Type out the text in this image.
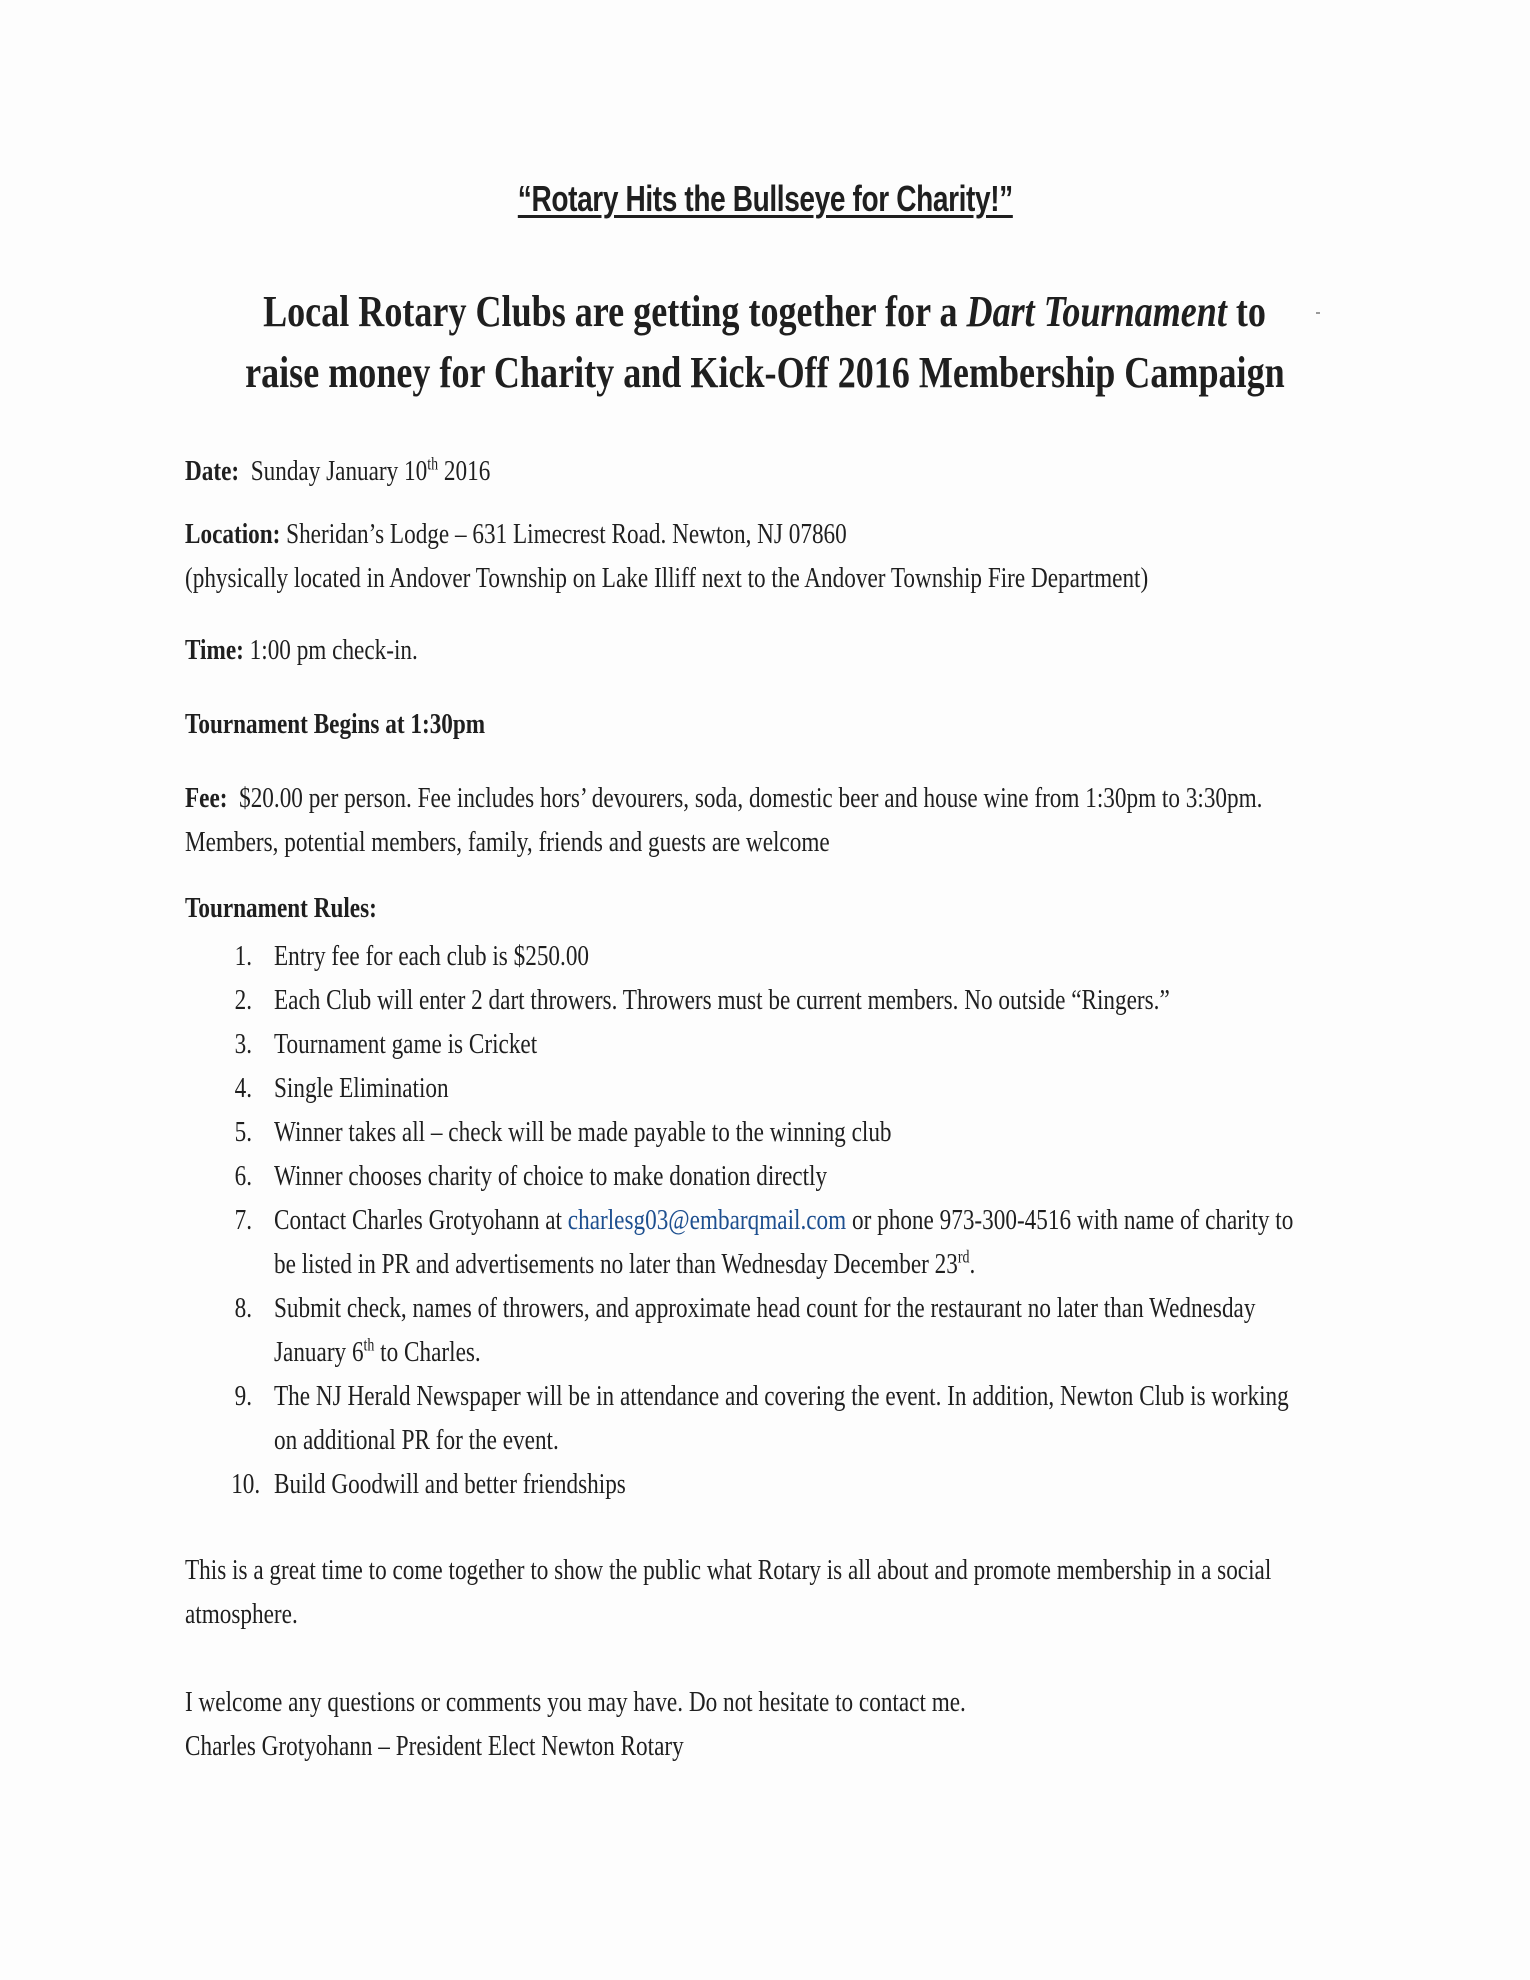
“Rotary Hits the Bullseye for Charity!”
Local Rotary Clubs are getting together for a Dart Tournament to
raise money for Charity and Kick-Off 2016 Membership Campaign
Date: Sunday January 10th 2016
Location: Sheridan’s Lodge – 631 Limecrest Road. Newton, NJ 07860
(physically located in Andover Township on Lake Illiff next to the Andover Township Fire Department)
Time: 1:00 pm check-in.
Tournament Begins at 1:30pm
Fee: $20.00 per person. Fee includes hors’ devourers, soda, domestic beer and house wine from 1:30pm to 3:30pm.
Members, potential members, family, friends and guests are welcome
Tournament Rules:
1. Entry fee for each club is $250.00
2. Each Club will enter 2 dart throwers. Throwers must be current members. No outside “Ringers.”
3. Tournament game is Cricket
4. Single Elimination
5. Winner takes all – check will be made payable to the winning club
6. Winner chooses charity of choice to make donation directly
7. Contact Charles Grotyohann at charlesg03@embarqmail.com or phone 973-300-4516 with name of charity to
be listed in PR and advertisements no later than Wednesday December 23rd.
8. Submit check, names of throwers, and approximate head count for the restaurant no later than Wednesday
January 6th to Charles.
9. The NJ Herald Newspaper will be in attendance and covering the event. In addition, Newton Club is working
on additional PR for the event.
10. Build Goodwill and better friendships
This is a great time to come together to show the public what Rotary is all about and promote membership in a social
atmosphere.
I welcome any questions or comments you may have. Do not hesitate to contact me.
Charles Grotyohann – President Elect Newton Rotary
